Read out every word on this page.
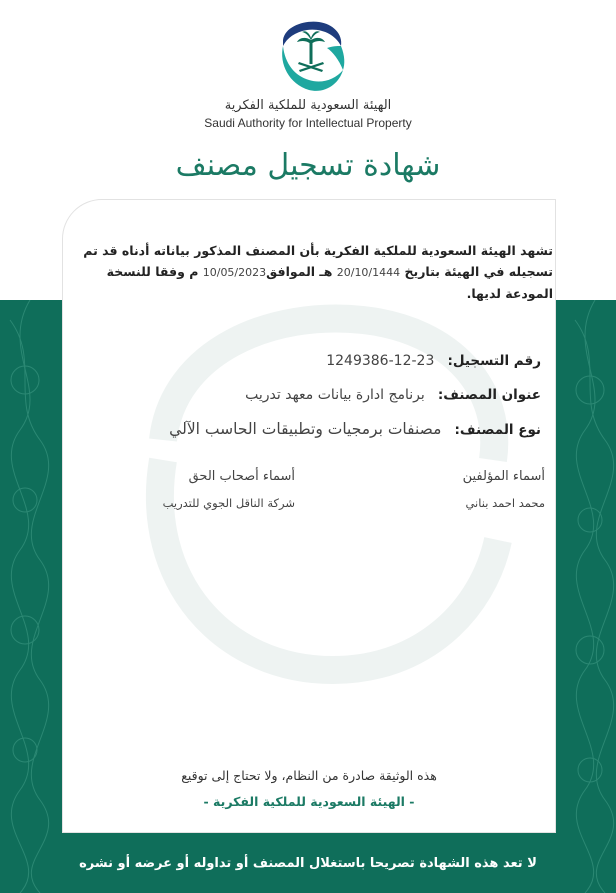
الهيئة السعودية للملكية الفكرية
Saudi Authority for Intellectual Property
شهادة تسجيل مصنف
تشهد الهيئة السعودية للملكية الفكرية بأن المصنف المذكور بياناته أدناه قد تم تسجيله في الهيئة بتاريخ 20/10/1444 هـ الموافق10/05/2023 م وفقا للنسخة المودعة لديها.
رقم التسجيل: 23-12-1249386
عنوان المصنف: برنامج ادارة بيانات معهد تدريب
نوع المصنف: مصنفات برمجيات وتطبيقات الحاسب الآلي
أسماء المؤلفين
محمد احمد بناني
أسماء أصحاب الحق
شركة الناقل الجوي للتدريب
هذه الوثيقة صادرة من النظام، ولا تحتاج إلى توقيع
- الهيئة السعودية للملكية الفكرية -
لا تعد هذه الشهادة تصريحا باستغلال المصنف أو تداوله أو عرضه أو نشره
